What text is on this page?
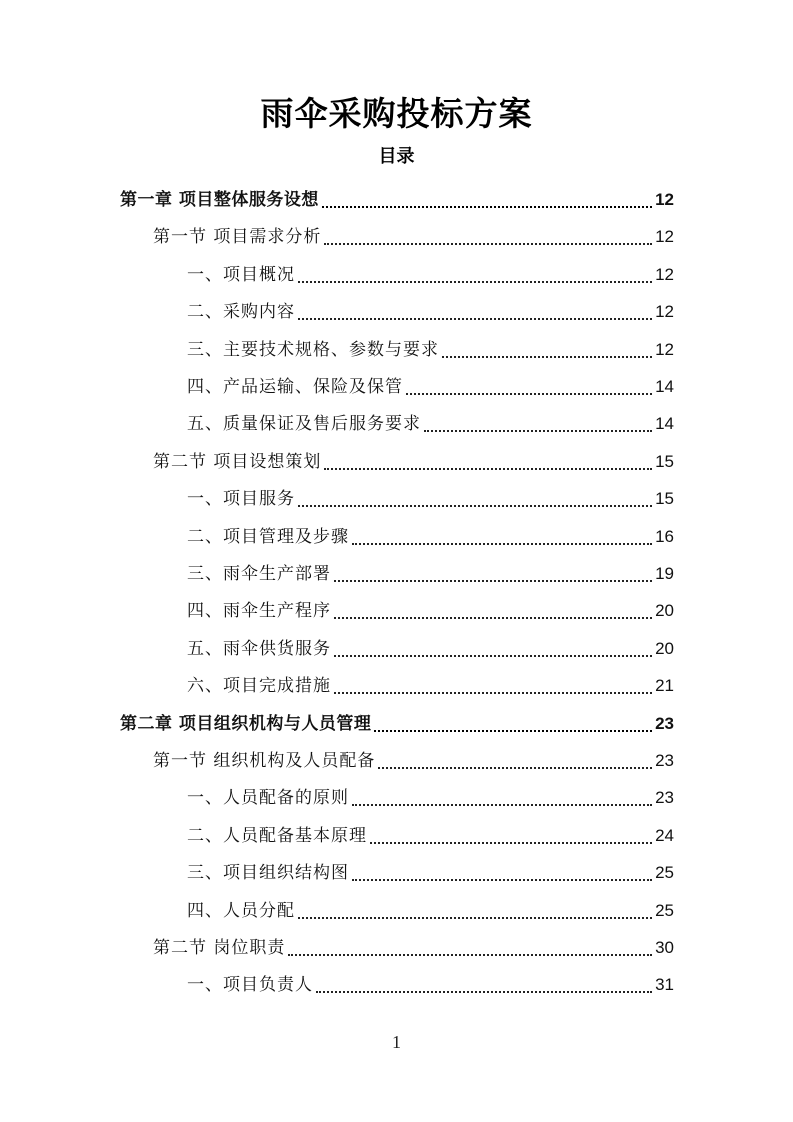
雨伞采购投标方案
目录
第一章 项目整体服务设想	12
第一节 项目需求分析	12
一、项目概况	12
二、采购内容	12
三、主要技术规格、参数与要求	12
四、产品运输、保险及保管	14
五、质量保证及售后服务要求	14
第二节 项目设想策划	15
一、项目服务	15
二、项目管理及步骤	16
三、雨伞生产部署	19
四、雨伞生产程序	20
五、雨伞供货服务	20
六、项目完成措施	21
第二章 项目组织机构与人员管理	23
第一节 组织机构及人员配备	23
一、人员配备的原则	23
二、人员配备基本原理	24
三、项目组织结构图	25
四、人员分配	25
第二节 岗位职责	30
一、项目负责人	31
1
